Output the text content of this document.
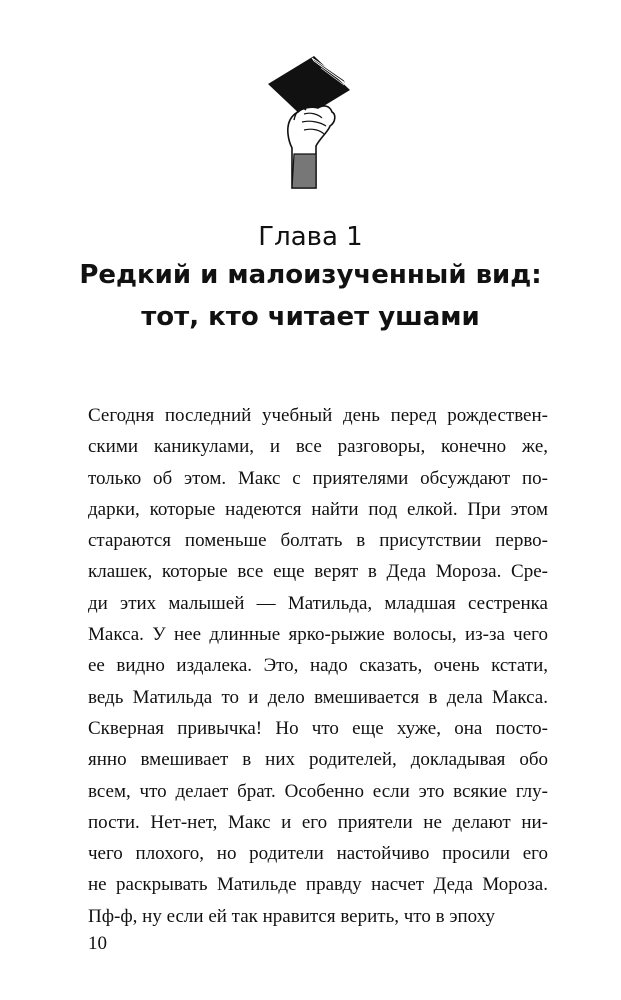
Глава 1
Редкий и малоизученный вид:
тот, кто читает ушами
Сегодня последний учебный день перед рождествен-
скими каникулами, и все разговоры, конечно же,
только об этом. Макс с приятелями обсуждают по-
дарки, которые надеются найти под елкой. При этом
стараются поменьше болтать в присутствии перво-
клашек, которые все еще верят в Деда Мороза. Сре-
ди этих малышей — Матильда, младшая сестренка
Макса. У нее длинные ярко-рыжие волосы, из-за чего
ее видно издалека. Это, надо сказать, очень кстати,
ведь Матильда то и дело вмешивается в дела Макса.
Скверная привычка! Но что еще хуже, она посто-
янно вмешивает в них родителей, докладывая обо
всем, что делает брат. Особенно если это всякие глу-
пости. Нет-нет, Макс и его приятели не делают ни-
чего плохого, но родители настойчиво просили его
не раскрывать Матильде правду насчет Деда Мороза.
Пф-ф, ну если ей так нравится верить, что в эпоху
10
